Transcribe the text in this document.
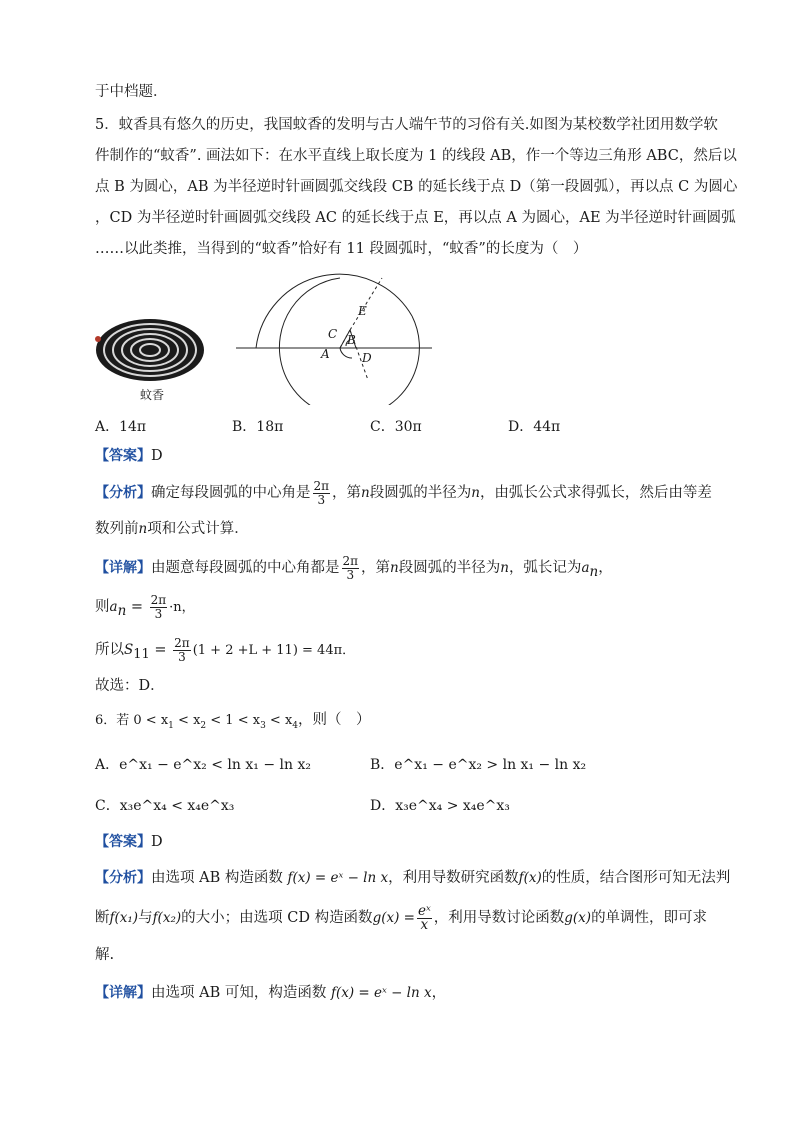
于中档题．
5．蚊香具有悠久的历史，我国蚊香的发明与古人端午节的习俗有关.如图为某校数学社团用数学软
件制作的“蚊香”. 画法如下：在水平直线上取长度为 1 的线段 AB，作一个等边三角形 ABC，然后以
点 B 为圆心，AB 为半径逆时针画圆弧交线段 CB 的延长线于点 D（第一段圆弧），再以点 C 为圆心
，CD 为半径逆时针画圆弧交线段 AC 的延长线于点 E，再以点 A 为圆心，AE 为半径逆时针画圆弧
……以此类推，当得到的“蚊香”恰好有 11 段圆弧时，“蚊香”的长度为（　）
蚊香
E
C B
A	D
A．14π	B．18π	C．30π	D．44π
【答案】D
【分析】确定每段圆弧的中心角是 $\frac{2\pi}{3}$ ，第n段圆弧的半径为n，由弧长公式求得弧长，然后由等差
数列前n项和公式计算．
【详解】由题意每段圆弧的中心角都是 $\frac{2\pi}{3}$ ，第n段圆弧的半径为n，弧长记为$a_n$，
则$a_n = \frac{2\pi}{3} \cdot n$，
所以$S_{11} = \frac{2\pi}{3} (1 + 2 +L + 11) = 44\pi$．
故选：D．
6．若 $0 < x_1 < x_2 < 1 < x_3 < x_4$，则（　）
A．e^x₁ − e^x₂ < ln x₁ − ln x₂	B．e^x₁ − e^x₂ > ln x₁ − ln x₂
C．x₃e^x₄ < x₄e^x₃	D．x₃e^x₄ > x₄e^x₃
【答案】D
【分析】由选项 AB 构造函数 f(x) = eˣ − ln x，利用导数研究函数f(x)的性质，结合图形可知无法判
断f(x₁)与f(x₂)的大小；由选项 CD 构造函数$g(x) = \frac{\text{eˣ}}{x}$ ，利用导数讨论函数g(x)的单调性，即可求
解.
【详解】由选项 AB 可知，构造函数 f(x) = eˣ − ln x，
